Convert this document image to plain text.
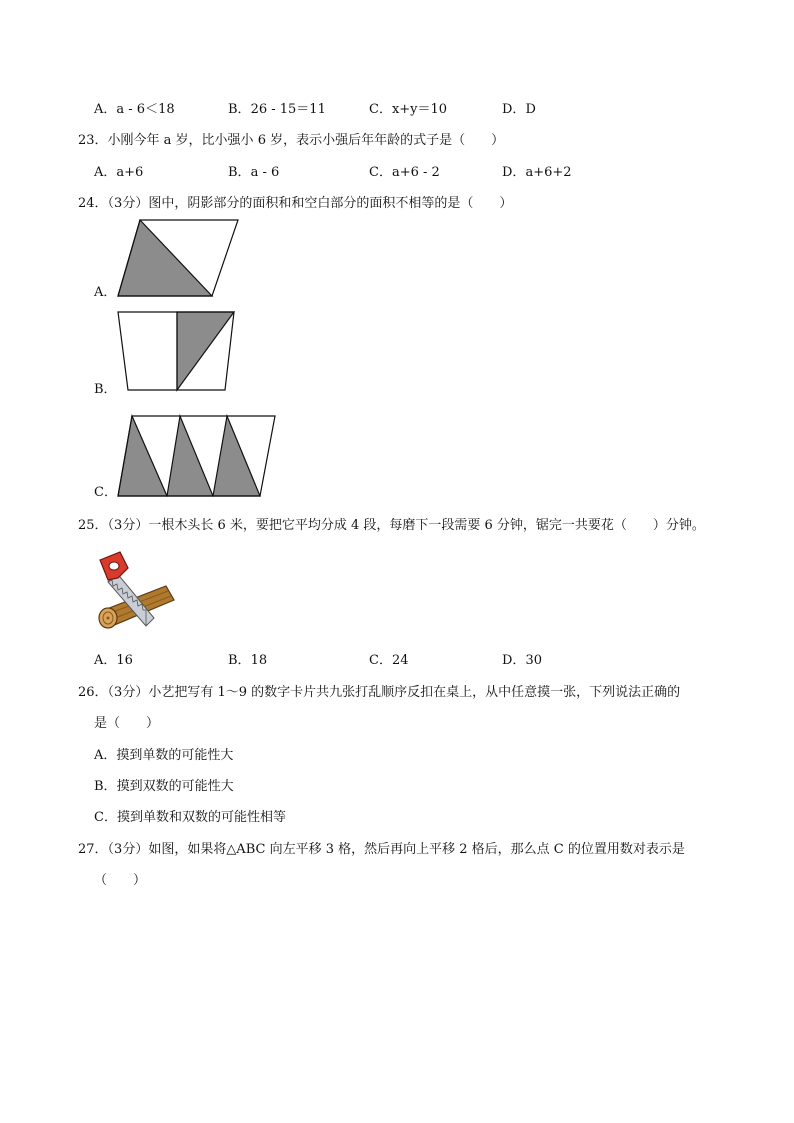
A．a - 6＜18	B．26 - 15＝11	C．x+y＝10	D．D
23．小刚今年 a 岁，比小强小 6 岁，表示小强后年年龄的式子是（　　）
A．a+6	B．a - 6	C．a+6 - 2	D．a+6+2
24．（3分）图中，阴影部分的面积和和空白部分的面积不相等的是（　　）
A．
B．
C．
25．（3分）一根木头长 6 米，要把它平均分成 4 段，每磨下一段需要 6 分钟，锯完一共要花（　　）分钟。
A．16	B．18	C．24	D．30
26．（3分）小艺把写有 1～9 的数字卡片共九张打乱顺序反扣在桌上，从中任意摸一张，下列说法正确的
是（　　）
A．摸到单数的可能性大
B．摸到双数的可能性大
C．摸到单数和双数的可能性相等
27．（3分）如图，如果将△ABC 向左平移 3 格，然后再向上平移 2 格后，那么点 C 的位置用数对表示是
（　　）
